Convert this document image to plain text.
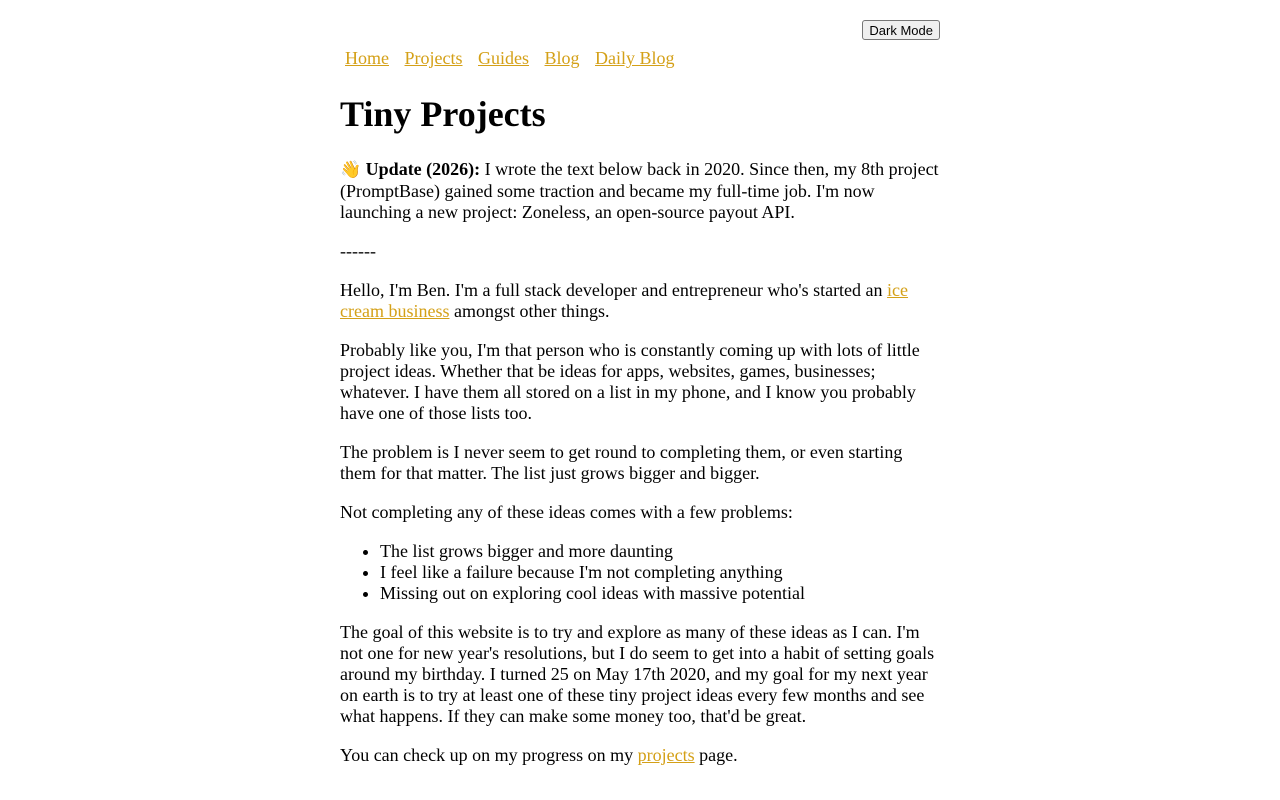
Dark Mode
Home Projects Guides Blog Daily Blog
Tiny Projects

👋 Update (2026): I wrote the text below back in 2020. Since then, my 8th project (PromptBase) gained some traction and became my full-time job. I'm now launching a new project: Zoneless, an open-source payout API.

------

Hello, I'm Ben. I'm a full stack developer and entrepreneur who's started an ice cream business amongst other things.

Probably like you, I'm that person who is constantly coming up with lots of little project ideas. Whether that be ideas for apps, websites, games, businesses; whatever. I have them all stored on a list in my phone, and I know you probably have one of those lists too.

The problem is I never seem to get round to completing them, or even starting them for that matter. The list just grows bigger and bigger.

Not completing any of these ideas comes with a few problems:

• The list grows bigger and more daunting
• I feel like a failure because I'm not completing anything
• Missing out on exploring cool ideas with massive potential

The goal of this website is to try and explore as many of these ideas as I can. I'm not one for new year's resolutions, but I do seem to get into a habit of setting goals around my birthday. I turned 25 on May 17th 2020, and my goal for my next year on earth is to try at least one of these tiny project ideas every few months and see what happens. If they can make some money too, that'd be great.

You can check up on my progress on my projects page.
